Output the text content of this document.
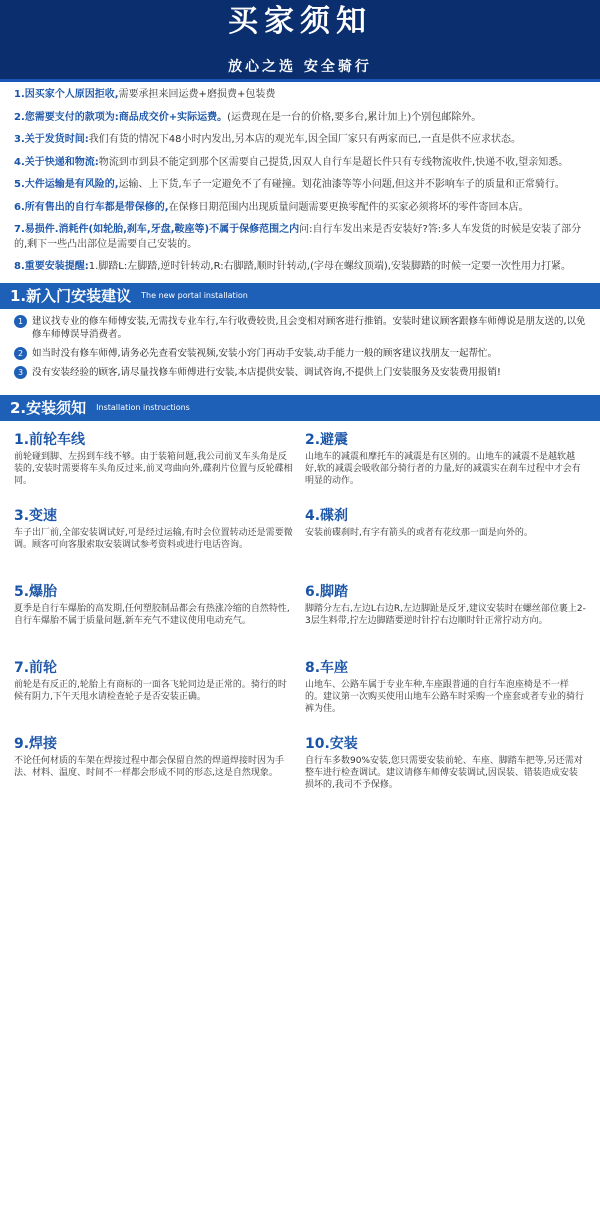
买家须知
放心之选 安全骑行
1.因买家个人原因拒收,需要承担来回运费+磨损费+包装费
2.您需要支付的款项为:商品成交价+实际运费。(运费现在是一台的价格,要多台,累计加上)个别包邮除外。
3.关于发货时间:我们有货的情况下48小时内发出,另本店的观光车,因全国厂家只有两家而已,一直是供不应求状态。
4.关于快递和物流:物流到市到县不能定到那个区需要自己提货,因双人自行车是超长件只有专线物流收件,快递不收,望亲知悉。
5.大件运输是有风险的,运输、上下货,车子一定避免不了有碰撞。划花油漆等等小问题,但这并不影响车子的质量和正常骑行。
6.所有售出的自行车都是带保修的,在保修日期范围内出现质量问题需要更换零配件的买家必须将坏的零件寄回本店。
7.易损件.消耗件(如轮胎,刹车,牙盘,鞍座等)不属于保修范围之内问:自行车发出来是否安装好?答:多人车发货的时候是安装了部分的,剩下一些凸出部位是需要自己安装的。
8.重要安装提醒:1.脚踏L:左脚踏,逆时针转动,R:右脚踏,顺时针转动,(字母在螺纹顶端),安装脚踏的时候一定要一次性用力打紧。
1.新入门安装建议 The new portal installation
1 建议找专业的修车师傅安装,无需找专业车行,车行收费较贵,且会变相对顾客进行推销。安装时建议顾客跟修车师傅说是朋友送的,以免修车师傅误导消费者。
2 如当时没有修车师傅,请务必先查看安装视频,安装小窍门再动手安装,动手能力一般的顾客建议找朋友一起帮忙。
3 没有安装经验的顾客,请尽量找修车师傅进行安装,本店提供安装、调试咨询,不提供上门安装服务及安装费用报销!
2.安装须知 Installation instructions
1.前轮车线
前轮碰到脚、左拐到车线不够。由于装箱问题,我公司前叉车头角是反装的,安装时需要将车头角反过来,前叉弯曲向外,碟刹片位置与反轮碟相同。
2.避震
山地车的减震和摩托车的减震是有区别的。山地车的减震不是越软越好,软的减震会吸收部分骑行者的力量,好的减震实在刹车过程中才会有明显的动作。
3.变速
车子出厂前,全部安装调试好,可是经过运输,有时会位置转动还是需要微调。顾客可向客服索取安装调试参考资料或进行电话咨询。
4.碟刹
安装前碟刹时,有字有箭头的或者有花纹那一面是向外的。
5.爆胎
夏季是自行车爆胎的高发期,任何塑胶制品都会有热涨冷缩的自然特性,自行车爆胎不属于质量问题,新车充气不建议使用电动充气。
6.脚踏
脚踏分左右,左边L右边R,左边脚趾是反牙,建议安装时在螺丝部位裹上2-3层生料带,拧左边脚踏要逆时针拧右边顺时针正常拧动方向。
7.前轮
前轮是有反正的,轮胎上有商标的一面各飞轮同边是正常的。骑行的时候有阴力,下午天甩水请检查轮子是否安装正确。
8.车座
山地车、公路车属于专业车种,车座跟普通的自行车泡座椅是不一样的。建议第一次购买使用山地车公路车时采购一个座套或者专业的骑行裤为佳。
9.焊接
不论任何材质的车架在焊接过程中都会保留自然的焊道焊接时因为手法、材料、温度、时间不一样都会形成不同的形态,这是自然现象。
10.安装
自行车多数90%安装,您只需要安装前轮、车座、脚踏车把等,另还需对整车进行检查调试。建议请修车师傅安装调试,因误装、错装造成安装损坏的,我司不予保修。
